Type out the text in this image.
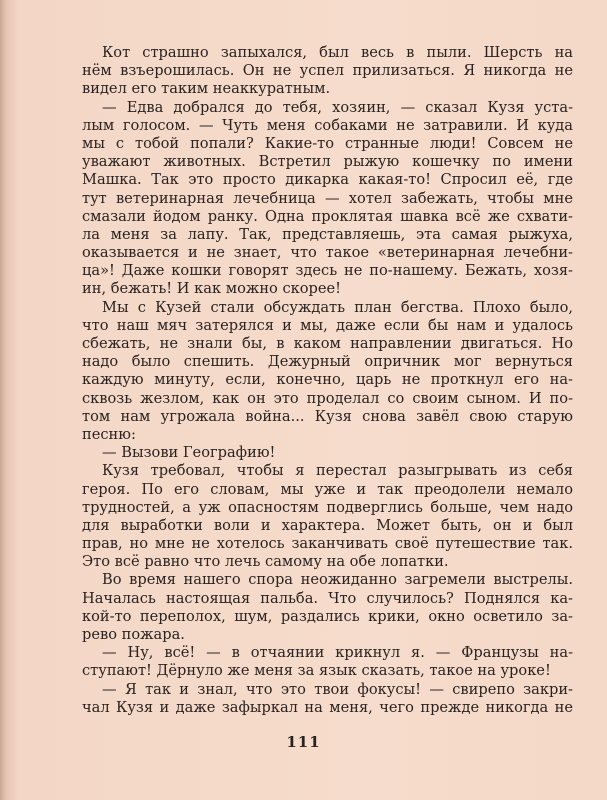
Кот страшно запыхался, был весь в пыли. Шерсть на
нём взъерошилась. Он не успел прилизаться. Я никогда не
видел его таким неаккуратным.
— Едва добрался до тебя, хозяин, — сказал Кузя уста-
лым голосом. — Чуть меня собаками не затравили. И куда
мы с тобой попали? Какие-то странные люди! Совсем не
уважают животных. Встретил рыжую кошечку по имени
Машка. Так это просто дикарка какая-то! Спросил её, где
тут ветеринарная лечебница — хотел забежать, чтобы мне
смазали йодом ранку. Одна проклятая шавка всё же схвати-
ла меня за лапу. Так, представляешь, эта самая рыжуха,
оказывается и не знает, что такое «ветеринарная лечебни-
ца»! Даже кошки говорят здесь не по-нашему. Бежать, хозя-
ин, бежать! И как можно скорее!
Мы с Кузей стали обсуждать план бегства. Плохо было,
что наш мяч затерялся и мы, даже если бы нам и удалось
сбежать, не знали бы, в каком направлении двигаться. Но
надо было спешить. Дежурный опричник мог вернуться
каждую минуту, если, конечно, царь не проткнул его на-
сквозь жезлом, как он это проделал со своим сыном. И по-
том нам угрожала война... Кузя снова завёл свою старую
песню:
— Вызови Географию!
Кузя требовал, чтобы я перестал разыгрывать из себя
героя. По его словам, мы уже и так преодолели немало
трудностей, а уж опасностям подверглись больше, чем надо
для выработки воли и характера. Может быть, он и был
прав, но мне не хотелось заканчивать своё путешествие так.
Это всё равно что лечь самому на обе лопатки.
Во время нашего спора неожиданно загремели выстрелы.
Началась настоящая пальба. Что случилось? Поднялся ка-
кой-то переполох, шум, раздались крики, окно осветило за-
рево пожара.
— Ну, всё! — в отчаянии крикнул я. — Французы на-
ступают! Дёрнуло же меня за язык сказать, такое на уроке!
— Я так и знал, что это твои фокусы! — свирепо закри-
чал Кузя и даже зафыркал на меня, чего прежде никогда не
111
